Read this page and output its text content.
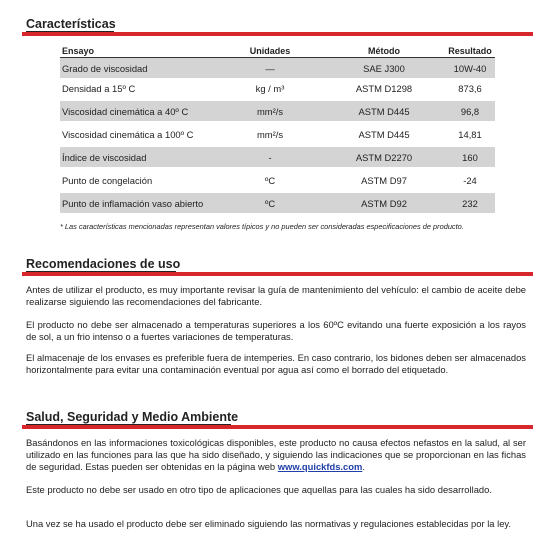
Características
Ensayo	Unidades	Método	Resultado
Grado de viscosidad	—	SAE J300	10W-40
Densidad a 15º C	kg / m³	ASTM D1298	873,6
Viscosidad cinemática a 40º C	mm²/s	ASTM D445	96,8
Viscosidad cinemática a 100º C	mm²/s	ASTM D445	14,81
Índice de viscosidad	-	ASTM D2270	160
Punto de congelación	ºC	ASTM D97	-24
Punto de inflamación vaso abierto	ºC	ASTM D92	232
* Las características mencionadas representan valores típicos y no pueden ser consideradas especificaciones de producto.
Recomendaciones de uso
Antes de utilizar el producto, es muy importante revisar la guía de mantenimiento del vehículo: el cambio de aceite debe realizarse siguiendo las recomendaciones del fabricante.
El producto no debe ser almacenado a temperaturas superiores a los 60ºC evitando una fuerte exposición a los rayos de sol, a un frio intenso o a fuertes variaciones de temperaturas.
El almacenaje de los envases es preferible fuera de intemperies. En caso contrario, los bidones deben ser almacenados horizontalmente para evitar una contaminación eventual por agua así como el borrado del etiquetado.
Salud, Seguridad y Medio Ambiente
Basándonos en las informaciones toxicológicas disponibles, este producto no causa efectos nefastos en la salud, al ser utilizado en las funciones para las que ha sido diseñado, y siguiendo las indicaciones que se proporcionan en las fichas de seguridad. Estas pueden ser obtenidas en la página web www.quickfds.com.
Este producto no debe ser usado en otro tipo de aplicaciones que aquellas para las cuales ha sido desarrollado.
Una vez se ha usado el producto debe ser eliminado siguiendo las normativas y regulaciones establecidas por la ley.
